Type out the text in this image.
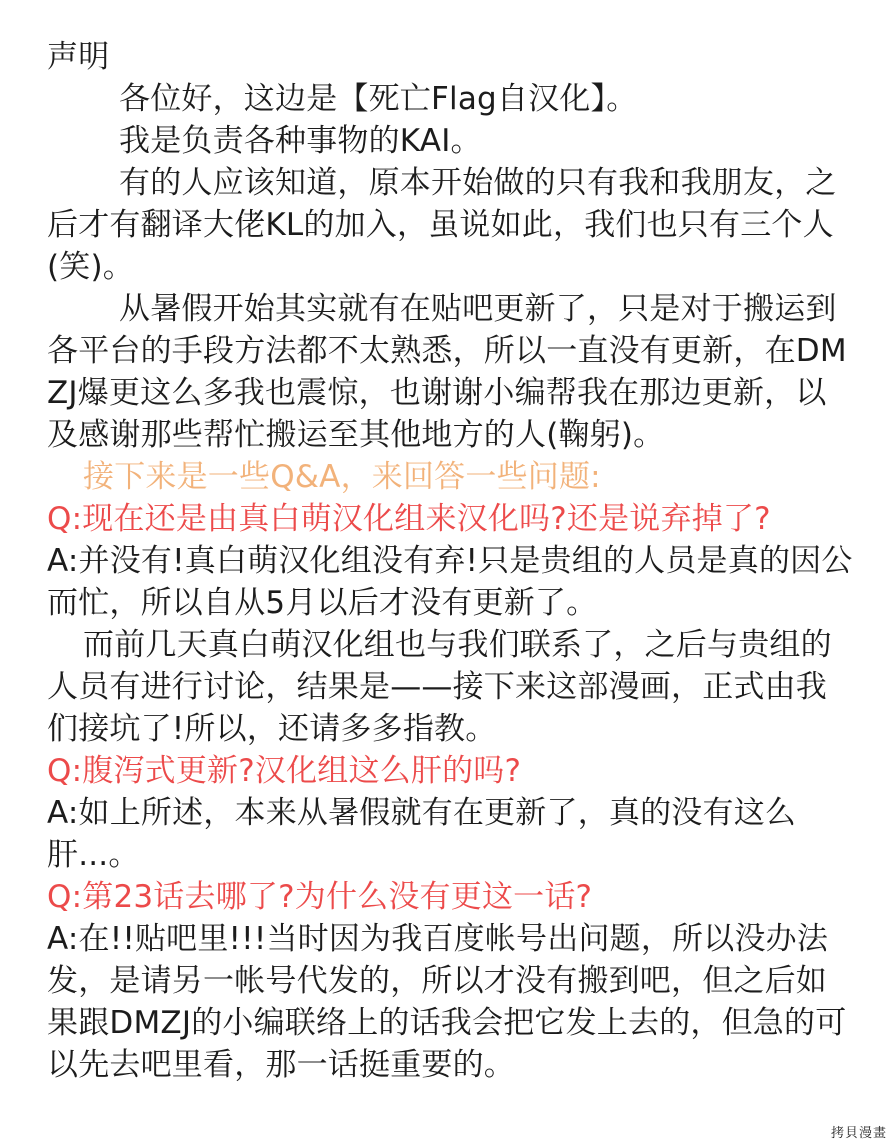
声明

各位好，这边是【死亡Flag自汉化】。

我是负责各种事物的KAI。

有的人应该知道，原本开始做的只有我和我朋友，之后才有翻译大佬KL的加入，虽说如此，我们也只有三个人(笑)。

从暑假开始其实就有在贴吧更新了，只是对于搬运到各平台的手段方法都不太熟悉，所以一直没有更新，在DMZJ爆更这么多我也震惊，也谢谢小编帮我在那边更新，以及感谢那些帮忙搬运至其他地方的人(鞠躬)。

接下来是一些Q&A，来回答一些问题:

Q:现在还是由真白萌汉化组来汉化吗?还是说弃掉了?

A:并没有!真白萌汉化组没有弃!只是贵组的人员是真的因公而忙，所以自从5月以后才没有更新了。

而前几天真白萌汉化组也与我们联系了，之后与贵组的人员有进行讨论，结果是——接下来这部漫画，正式由我们接坑了!所以，还请多多指教。

Q:腹泻式更新?汉化组这么肝的吗?

A:如上所述，本来从暑假就有在更新了，真的没有这么肝...。

Q:第23话去哪了?为什么没有更这一话?

A:在!!贴吧里!!!当时因为我百度帐号出问题，所以没办法发，是请另一帐号代发的，所以才没有搬到吧，但之后如果跟DMZJ的小编联络上的话我会把它发上去的，但急的可以先去吧里看，那一话挺重要的。

拷貝漫畫
